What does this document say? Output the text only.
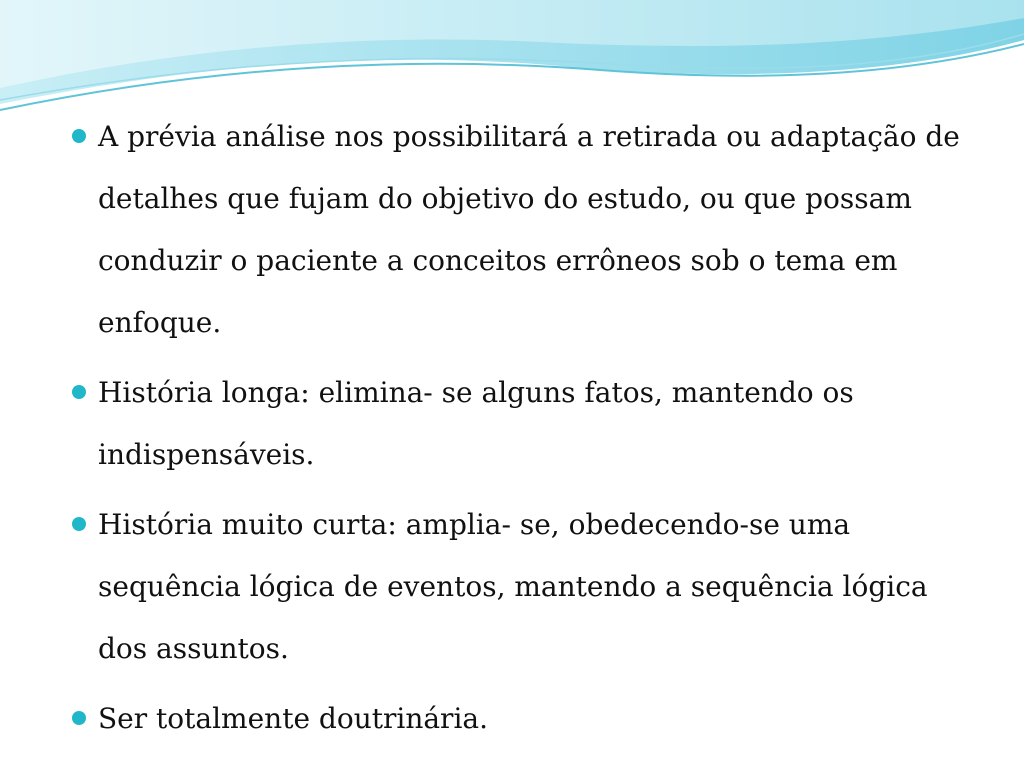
A prévia análise nos possibilitará a retirada ou adaptação de detalhes que fujam do objetivo do estudo, ou que possam conduzir o paciente a conceitos errôneos sob o tema em enfoque.
História longa: elimina- se alguns fatos, mantendo os indispensáveis.
História muito curta: amplia- se, obedecendo-se uma sequência lógica de eventos, mantendo a sequência lógica dos assuntos.
Ser totalmente doutrinária.
